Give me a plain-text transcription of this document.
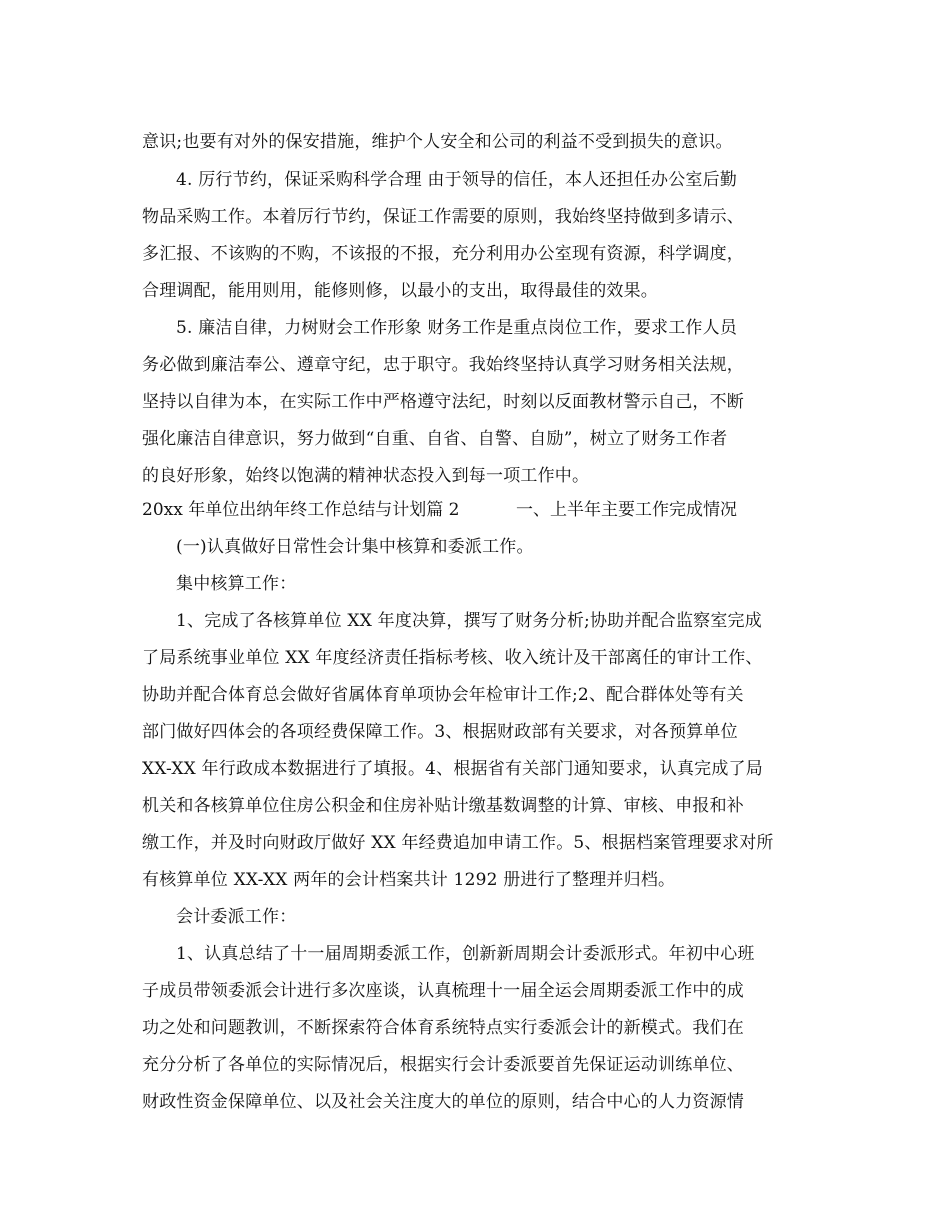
意识;也要有对外的保安措施，维护个人安全和公司的利益不受到损失的意识。
4. 厉行节约，保证采购科学合理 由于领导的信任，本人还担任办公室后勤
物品采购工作。本着厉行节约，保证工作需要的原则，我始终坚持做到多请示、
多汇报、不该购的不购，不该报的不报，充分利用办公室现有资源，科学调度，
合理调配，能用则用，能修则修，以最小的支出，取得最佳的效果。
5. 廉洁自律，力树财会工作形象 财务工作是重点岗位工作，要求工作人员
务必做到廉洁奉公、遵章守纪，忠于职守。我始终坚持认真学习财务相关法规，
坚持以自律为本，在实际工作中严格遵守法纪，时刻以反面教材警示自己，不断
强化廉洁自律意识，努力做到“自重、自省、自警、自励”，树立了财务工作者
的良好形象，始终以饱满的精神状态投入到每一项工作中。
20xx 年单位出纳年终工作总结与计划篇 2	一、上半年主要工作完成情况
(一)认真做好日常性会计集中核算和委派工作。
集中核算工作：
1、完成了各核算单位 XX 年度决算，撰写了财务分析;协助并配合监察室完成
了局系统事业单位 XX 年度经济责任指标考核、收入统计及干部离任的审计工作、
协助并配合体育总会做好省属体育单项协会年检审计工作;2、配合群体处等有关
部门做好四体会的各项经费保障工作。3、根据财政部有关要求，对各预算单位
XX-XX 年行政成本数据进行了填报。4、根据省有关部门通知要求，认真完成了局
机关和各核算单位住房公积金和住房补贴计缴基数调整的计算、审核、申报和补
缴工作，并及时向财政厅做好 XX 年经费追加申请工作。5、根据档案管理要求对所
有核算单位 XX-XX 两年的会计档案共计 1292 册进行了整理并归档。
会计委派工作：
1、认真总结了十一届周期委派工作，创新新周期会计委派形式。年初中心班
子成员带领委派会计进行多次座谈，认真梳理十一届全运会周期委派工作中的成
功之处和问题教训，不断探索符合体育系统特点实行委派会计的新模式。我们在
充分分析了各单位的实际情况后，根据实行会计委派要首先保证运动训练单位、
财政性资金保障单位、以及社会关注度大的单位的原则，结合中心的人力资源情
